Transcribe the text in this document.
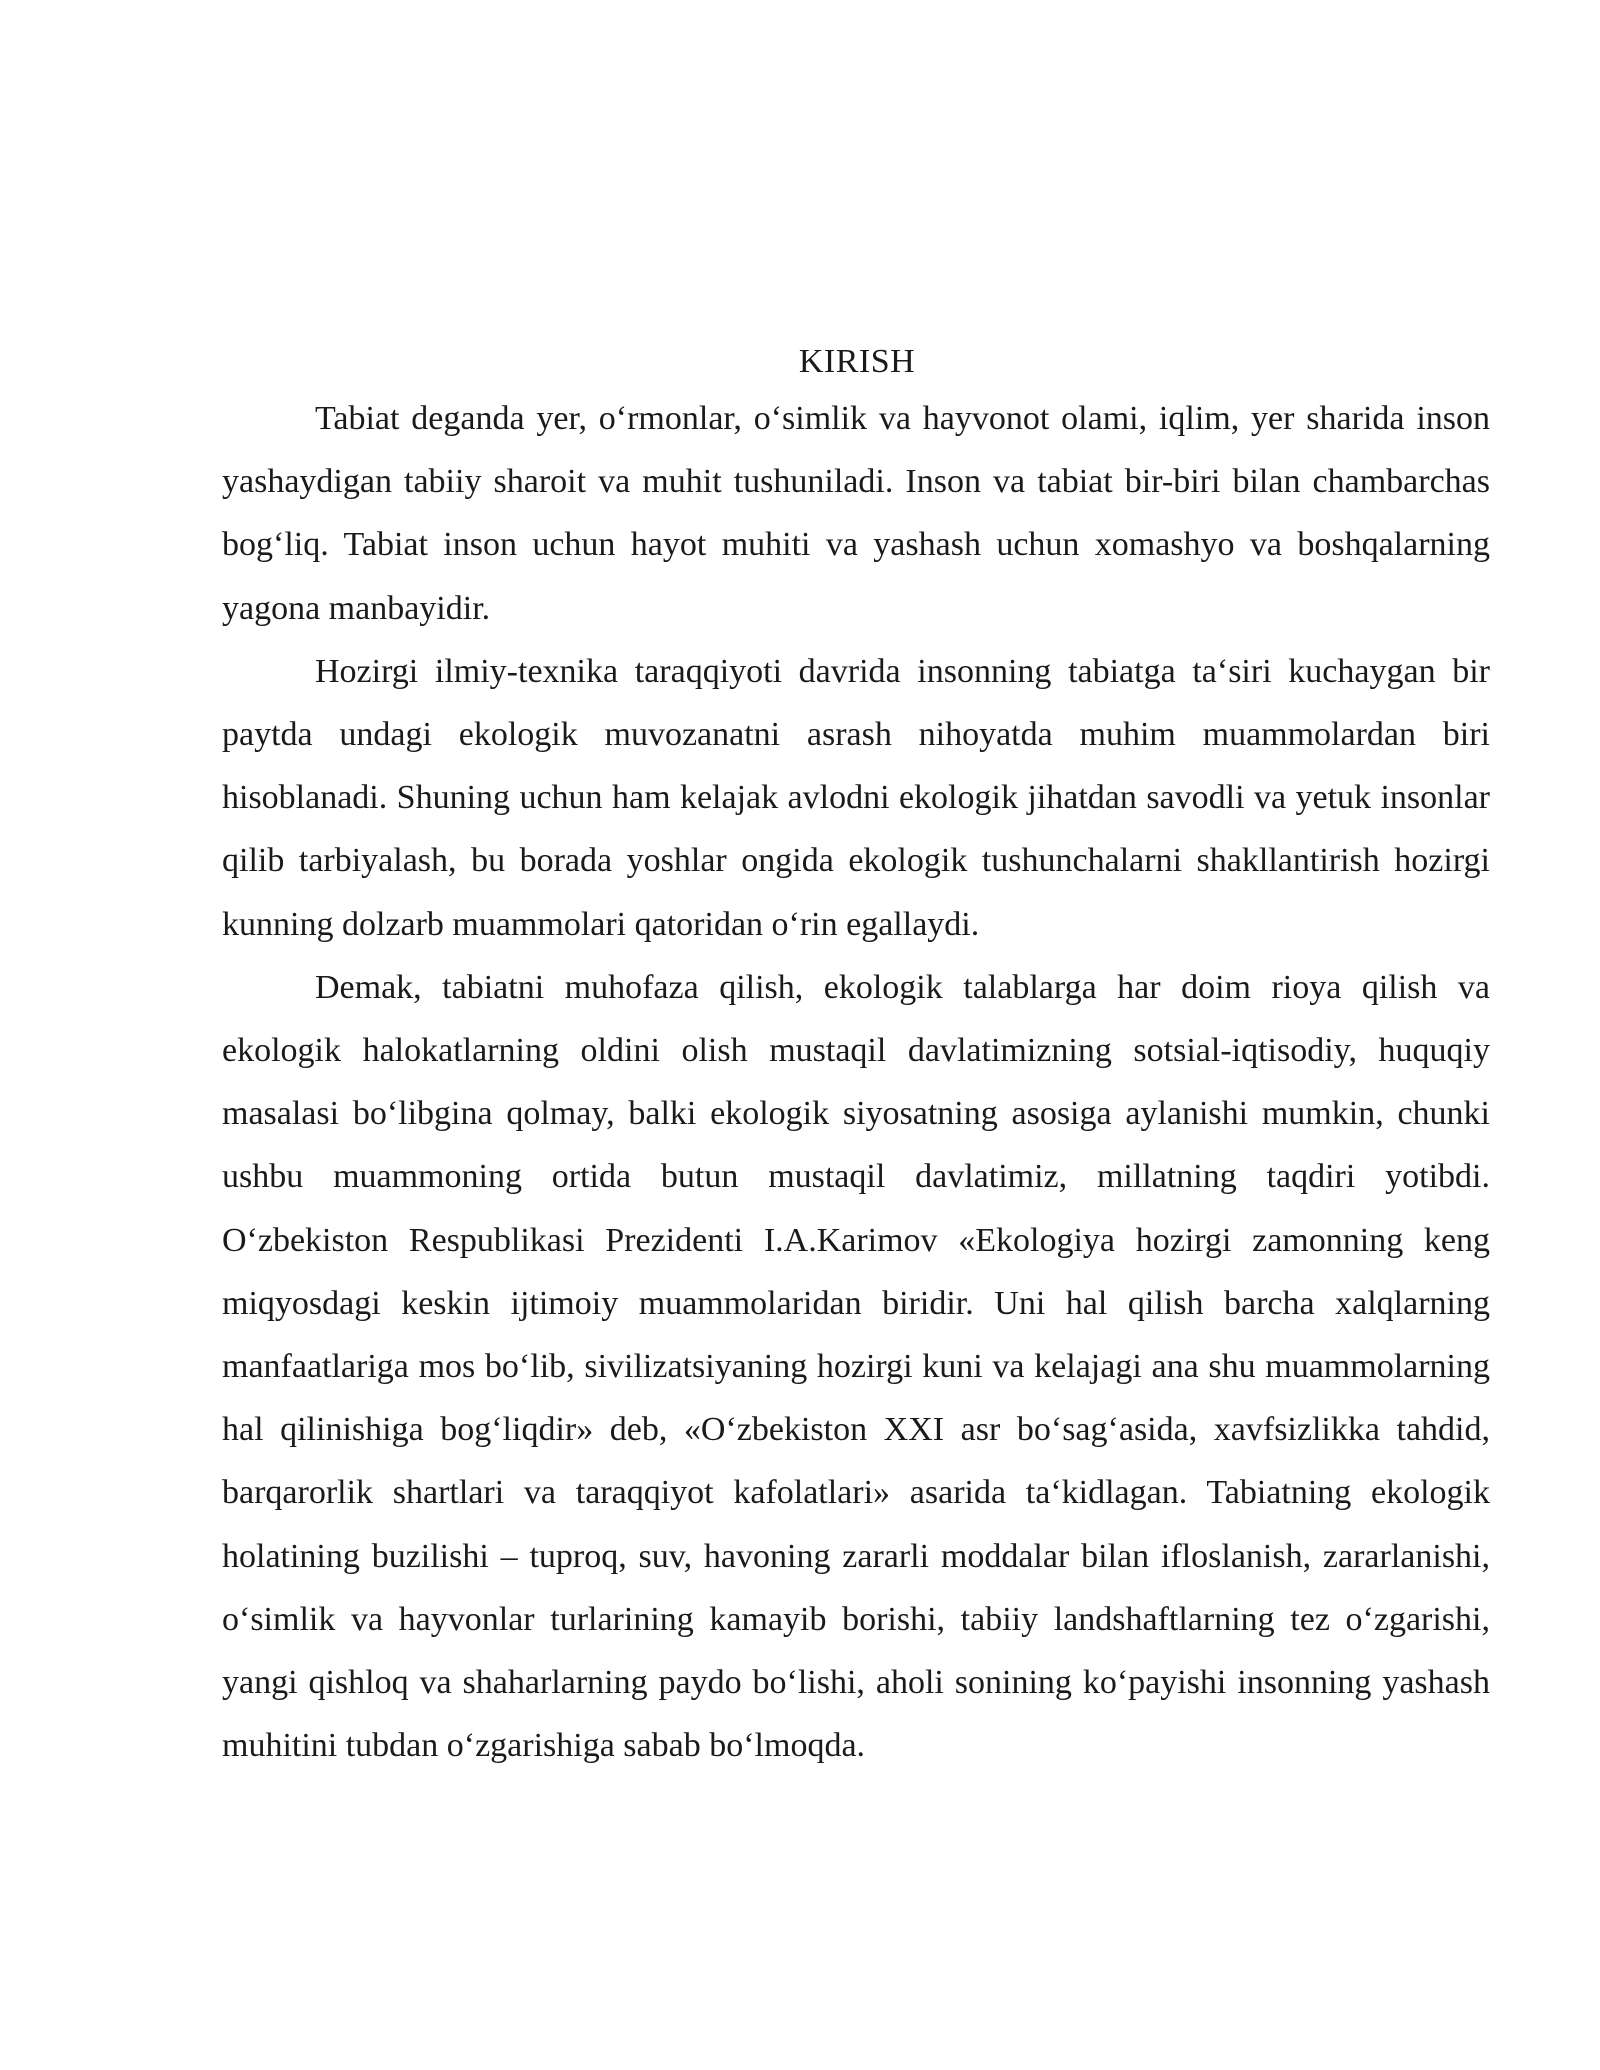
KIRISH

Tabiat deganda yer, o‘rmonlar, o‘simlik va hayvonot olami, iqlim, yer sharida inson yashaydigan tabiiy sharoit va muhit tushuniladi. Inson va tabiat bir-biri bilan chambarchas bog‘liq. Tabiat inson uchun hayot muhiti va yashash uchun xomashyo va boshqalarning yagona manbayidir.

Hozirgi ilmiy-texnika taraqqiyoti davrida insonning tabiatga ta‘siri kuchaygan bir paytda undagi ekologik muvozanatni asrash nihoyatda muhim muammolardan biri hisoblanadi. Shuning uchun ham kelajak avlodni ekologik jihatdan savodli va yetuk insonlar qilib tarbiyalash, bu borada yoshlar ongida ekologik tushunchalarni shakllantirish hozirgi kunning dolzarb muammolari qatoridan o‘rin egallaydi.

Demak, tabiatni muhofaza qilish, ekologik talablarga har doim rioya qilish va ekologik halokatlarning oldini olish mustaqil davlatimizning sotsial-iqtisodiy, huquqiy masalasi bo‘libgina qolmay, balki ekologik siyosatning asosiga aylanishi mumkin, chunki ushbu muammoning ortida butun mustaqil davlatimiz, millatning taqdiri yotibdi. O‘zbekiston Respublikasi Prezidenti I.A.Karimov «Ekologiya hozirgi zamonning keng miqyosdagi keskin ijtimoiy muammolaridan biridir. Uni hal qilish barcha xalqlarning manfaatlariga mos bo‘lib, sivilizatsiyaning hozirgi kuni va kelajagi ana shu muammolarning hal qilinishiga bog‘liqdir» deb, «O‘zbekiston XXI asr bo‘sag‘asida, xavfsizlikka tahdid, barqarorlik shartlari va taraqqiyot kafolatlari» asarida ta‘kidlagan. Tabiatning ekologik holatining buzilishi – tuproq, suv, havoning zararli moddalar bilan ifloslanish, zararlanishi, o‘simlik va hayvonlar turlarining kamayib borishi, tabiiy landshaftlarning tez o‘zgarishi, yangi qishloq va shaharlarning paydo bo‘lishi, aholi sonining ko‘payishi insonning yashash muhitini tubdan o‘zgarishiga sabab bo‘lmoqda.
